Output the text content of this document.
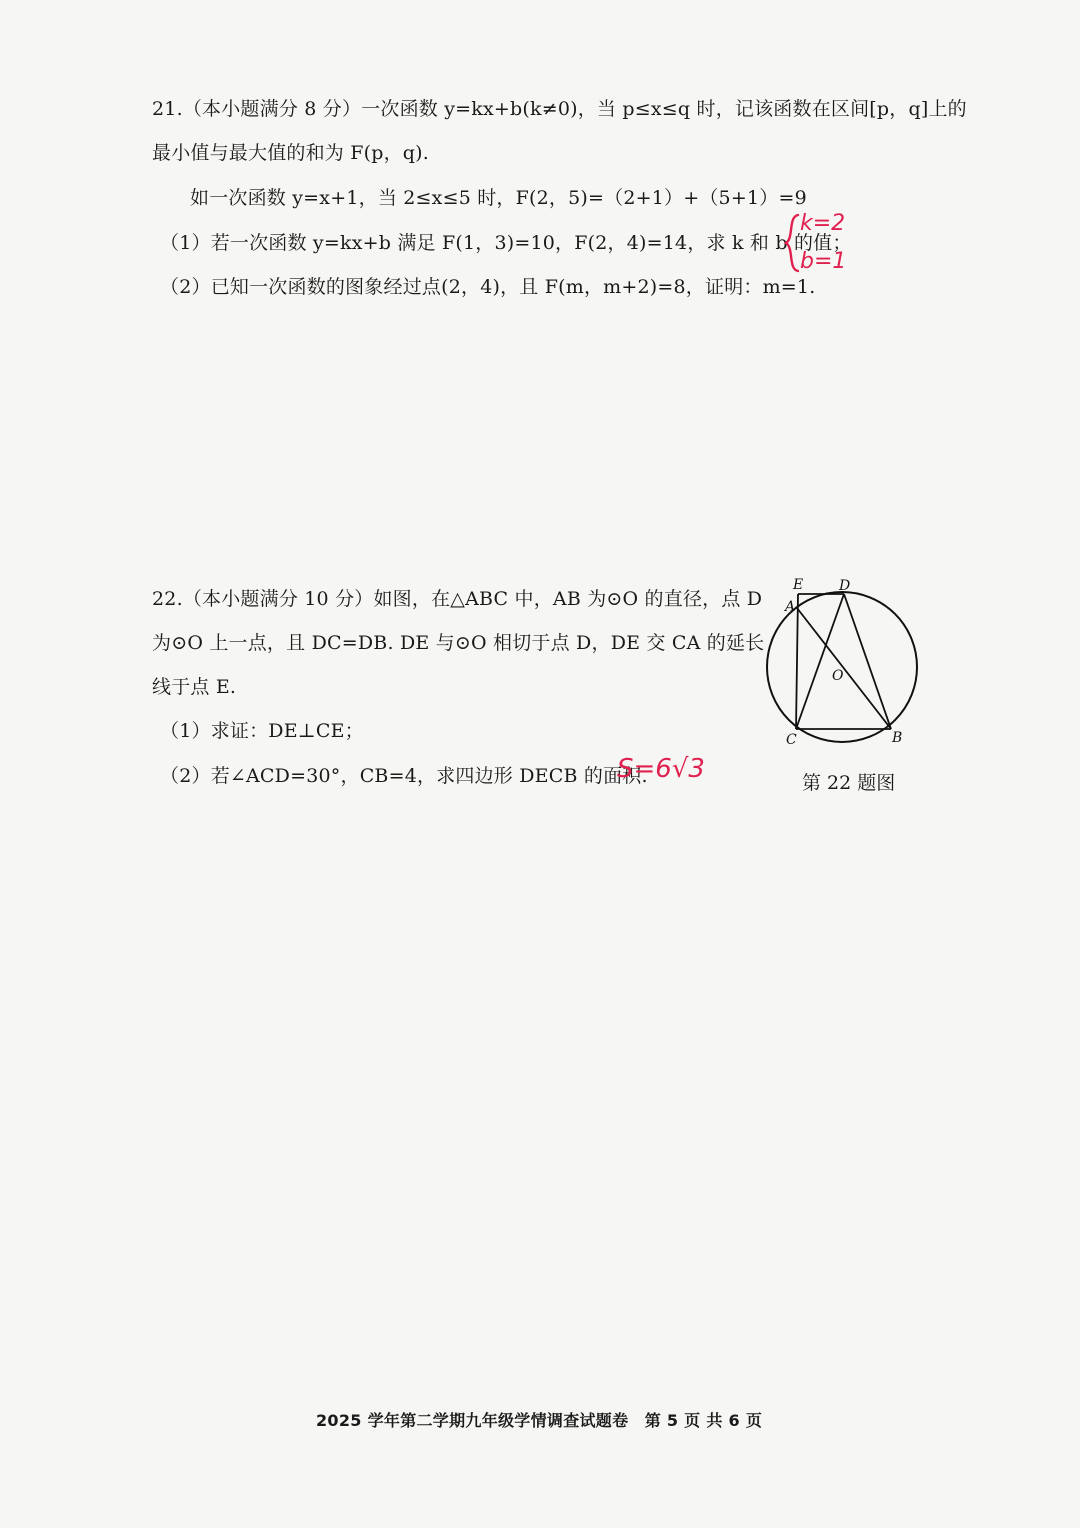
21.（本小题满分 8 分）一次函数 y=kx+b(k≠0)，当 p≤x≤q 时，记该函数在区间[p，q]上的
最小值与最大值的和为 F(p，q).
如一次函数 y=x+1，当 2≤x≤5 时，F(2，5)=（2+1）+（5+1）=9
（1）若一次函数 y=kx+b 满足 F(1，3)=10，F(2，4)=14，求 k 和 b 的值；
（2）已知一次函数的图象经过点(2，4)，且 F(m，m+2)=8，证明：m=1.
k=2
b=1
22.（本小题满分 10 分）如图，在△ABC 中，AB 为⊙O 的直径，点 D
为⊙O 上一点，且 DC=DB. DE 与⊙O 相切于点 D，DE 交 CA 的延长
线于点 E.
（1）求证：DE⊥CE；
（2）若∠ACD=30°，CB=4，求四边形 DECB 的面积.
S=6√3
E	D
A
O
C	B
第 22 题图
2025 学年第二学期九年级学情调查试题卷　第 5 页 共 6 页
